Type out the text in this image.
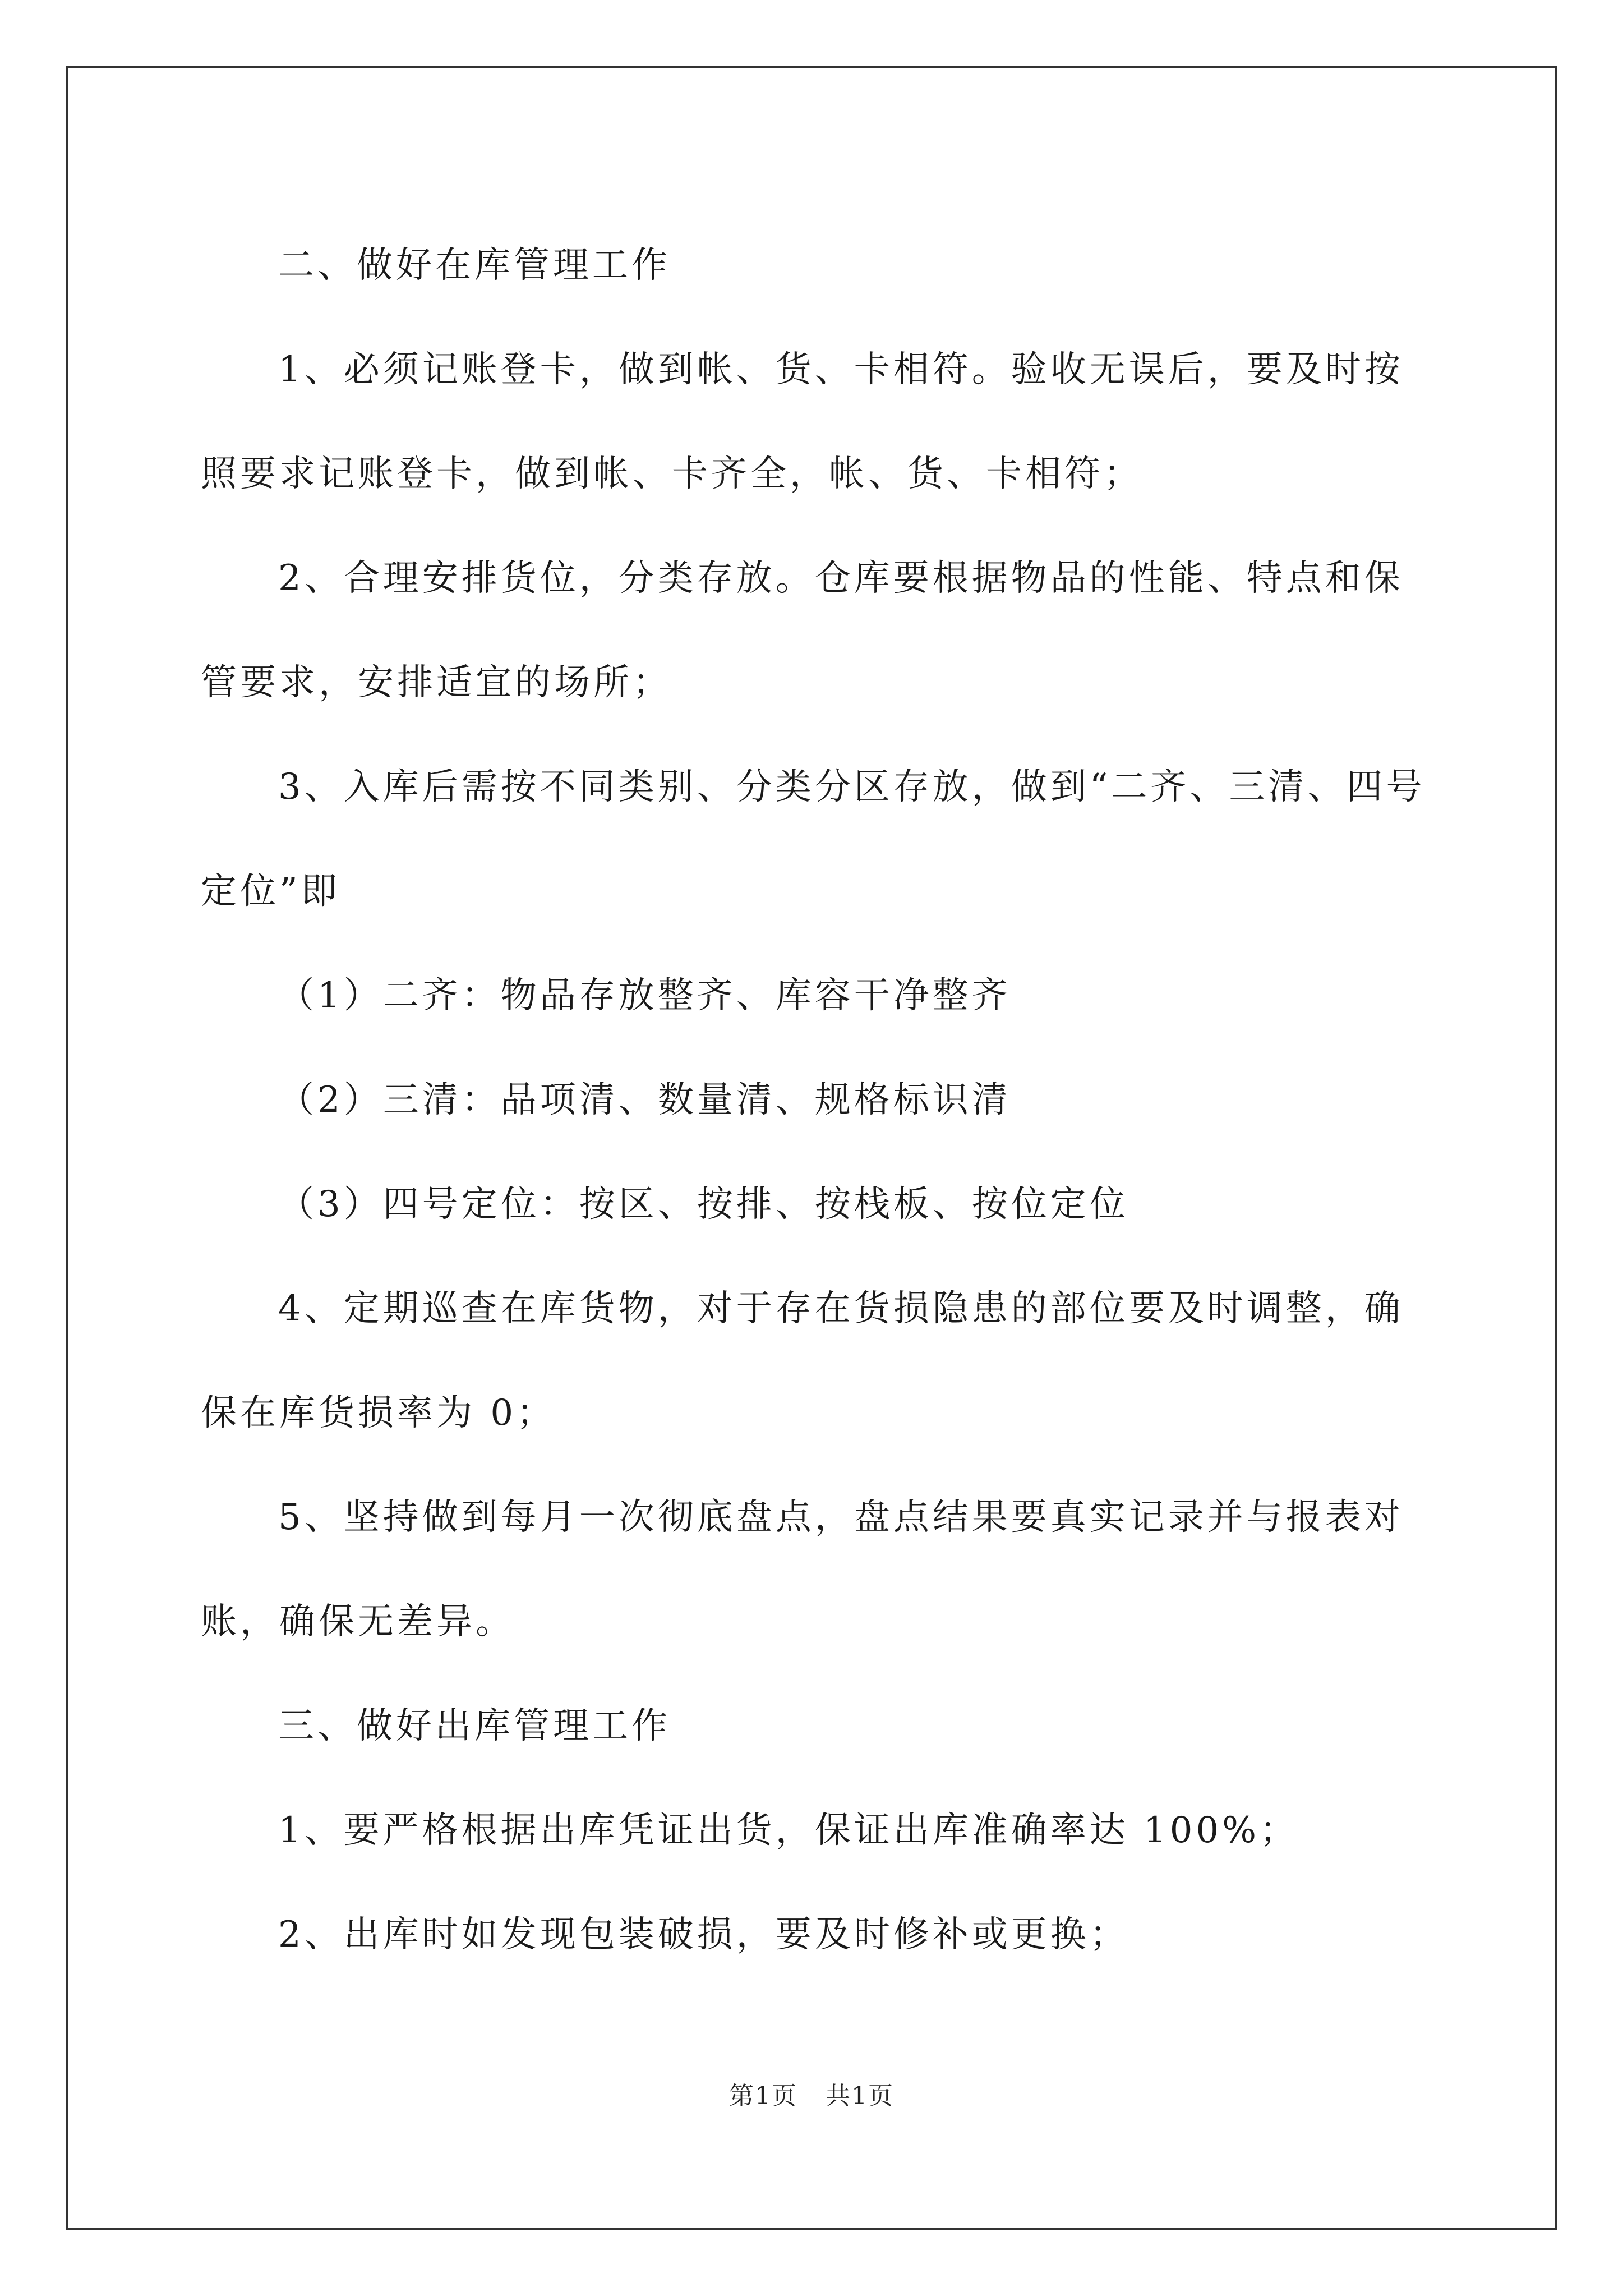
二、做好在库管理工作

1、必须记账登卡，做到帐、货、卡相符。验收无误后，要及时按照要求记账登卡，做到帐、卡齐全，帐、货、卡相符；

2、合理安排货位，分类存放。仓库要根据物品的性能、特点和保管要求，安排适宜的场所；

3、入库后需按不同类别、分类分区存放，做到“二齐、三清、四号定位”即

（1）二齐：物品存放整齐、库容干净整齐

（2）三清：品项清、数量清、规格标识清

（3）四号定位：按区、按排、按栈板、按位定位

4、定期巡查在库货物，对于存在货损隐患的部位要及时调整，确保在库货损率为 0；

5、坚持做到每月一次彻底盘点，盘点结果要真实记录并与报表对账，确保无差异。

三、做好出库管理工作

1、要严格根据出库凭证出货，保证出库准确率达 100%；

2、出库时如发现包装破损，要及时修补或更换；

第1页 共1页
